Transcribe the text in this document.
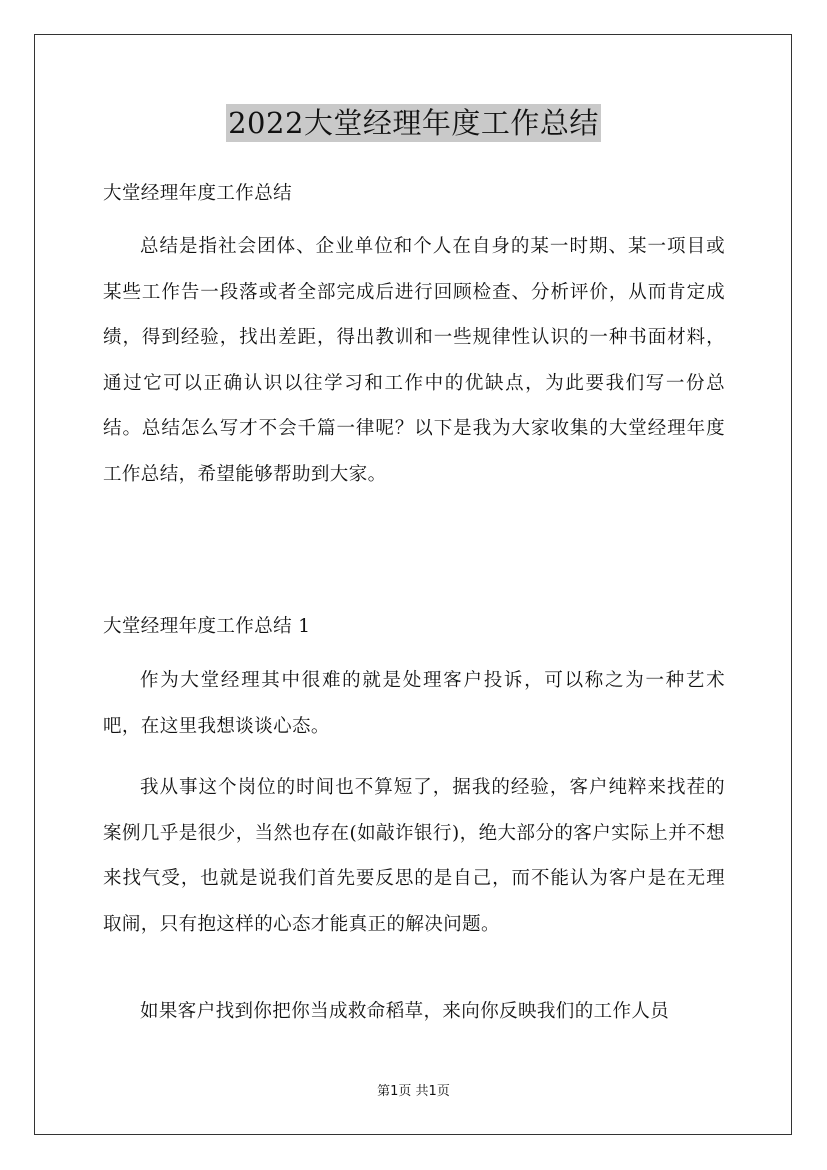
2022大堂经理年度工作总结
大堂经理年度工作总结
总结是指社会团体、企业单位和个人在自身的某一时期、某一项目或某些工作告一段落或者全部完成后进行回顾检查、分析评价，从而肯定成绩，得到经验，找出差距，得出教训和一些规律性认识的一种书面材料，通过它可以正确认识以往学习和工作中的优缺点，为此要我们写一份总结。总结怎么写才不会千篇一律呢？以下是我为大家收集的大堂经理年度工作总结，希望能够帮助到大家。
大堂经理年度工作总结 1
作为大堂经理其中很难的就是处理客户投诉，可以称之为一种艺术吧，在这里我想谈谈心态。
我从事这个岗位的时间也不算短了，据我的经验，客户纯粹来找茬的案例几乎是很少，当然也存在(如敲诈银行)，绝大部分的客户实际上并不想来找气受，也就是说我们首先要反思的是自己，而不能认为客户是在无理取闹，只有抱这样的心态才能真正的解决问题。
如果客户找到你把你当成救命稻草，来向你反映我们的工作人员
第1页 共1页
